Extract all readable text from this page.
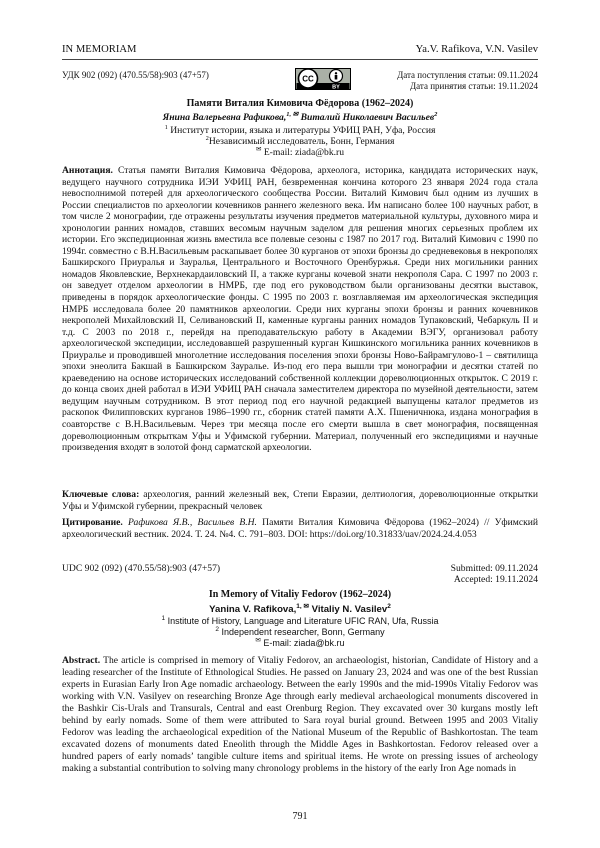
IN MEMORIAM	Ya.V. Rafikova, V.N. Vasilev
УДК 902 (092) (470.55/58):903 (47+57)	CC
BY
Дата поступления статьи: 09.11.2024
Дата принятия статьи: 19.11.2024
Памяти Виталия Кимовича Фёдорова (1962–2024)
Янина Валерьевна Рафикова,$^{1, ✉}$ Виталий Николаевич Васильев$^2$
$^1$ Институт истории, языка и литературы УФИЦ РАН, Уфа, Россия
$^2$Независимый исследователь, Бонн, Германия
✉ E-mail: ziada@bk.ru
Аннотация. Статья памяти Виталия Кимовича Фёдорова, археолога, историка, кандидата исторических наук, ведущего научного сотрудника ИЭИ УФИЦ РАН, безвременная кончина которого 23 января 2024 года стала невосполнимой потерей для археологического сообщества России. Виталий Кимович был одним из лучших в России специалистов по археологии кочевников раннего железного века. Им написано более 100 научных работ, в том числе 2 монографии, где отражены результаты изучения предметов материальной культуры, духовного мира и хронологии ранних номадов, ставших весомым научным заделом для решения многих серьезных проблем их истории. Его экспедиционная жизнь вместила все полевые сезоны с 1987 по 2017 год. Виталий Кимович с 1990 по 1994г. совместно с В.Н.Васильевым раскапывает более 30 курганов от эпохи бронзы до средневековья в некрополях Башкирского Приуралья и Зауралья, Центрального и Восточного Оренбуржья. Среди них могильники ранних номадов Яковлевские, Верхнекардаиловский II, а также курганы кочевой знати некрополя Сара. С 1997 по 2003 г. он заведует отделом археологии в НМРБ, где под его руководством были организованы десятки выставок, приведены в порядок археологические фонды. С 1995 по 2003 г. возглавляемая им археологическая экспедиция НМРБ исследовала более 20 памятников археологии. Среди них курганы эпохи бронзы и ранних кочевников некрополей Михайловский II, Селивановский II, каменные курганы ранних номадов Тупаковский, Чебаркуль II и т.д. С 2003 по 2018 г., перейдя на преподавательскую работу в Академии ВЭГУ, организовал работу археологической экспедиции, исследовавшей разрушенный курган Кишкинского могильника ранних кочевников в Приуралье и проводившей многолетние исследования поселения эпохи бронзы Ново-Байрамгулово-1 – святилища эпохи энеолита Бакшай в Башкирском Зауралье. Из-под его пера вышли три монографии и десятки статей по краеведению на основе исторических исследований собственной коллекции дореволюционных открыток. С 2019 г. до конца своих дней работал в ИЭИ УФИЦ РАН сначала заместителем директора по музейной деятельности, затем ведущим научным сотрудником. В этот период под его научной редакцией выпущены каталог предметов из раскопок Филипповских курганов 1986–1990 гг., сборник статей памяти А.Х. Пшеничнюка, издана монография в соавторстве с В.Н.Васильевым. Через три месяца после его смерти вышла в свет монография, посвященная дореволюционным открыткам Уфы и Уфимской губернии. Материал, полученный его экспедициями и научные произведения входят в золотой фонд сарматской археологии.
Ключевые слова: археология, ранний железный век, Степи Евразии, делтиология, дореволюционные открытки Уфы и Уфимской губернии, прекрасный человек
Цитирование. Рафикова Я.В., Васильев В.Н. Памяти Виталия Кимовича Фёдорова (1962–2024) // Уфимский археологический вестник. 2024. Т. 24. №4. С. 791–803. DOI: https://doi.org/10.31833/uav/2024.24.4.053
UDC 902 (092) (470.55/58):903 (47+57)	Submitted: 09.11.2024
Accepted: 19.11.2024
In Memory of Vitaliy Fedorov (1962–2024)
Yanina V. Rafikova,$^{1, ✉}$ Vitaliy N. Vasilev$^2$
$^1$ Institute of History, Language and Literature UFIC RAN, Ufa, Russia
$^2$ Independent researcher, Bonn, Germany
✉ E-mail: ziada@bk.ru
Abstract. The article is comprised in memory of Vitaliy Fedorov, an archaeologist, historian, Candidate of History and a leading researcher of the Institute of Ethnological Studies. He passed on January 23, 2024 and was one of the best Russian experts in Eurasian Early Iron Age nomadic archaeology. Between the early 1990s and the mid-1990s Vitaliy Fedorov was working with V.N. Vasilyev on researching Bronze Age through early medieval archaeological monuments discovered in the Bashkir Cis-Urals and Transurals, Central and east Orenburg Region. They excavated over 30 kurgans mostly left behind by early nomads. Some of them were attributed to Sara royal burial ground. Between 1995 and 2003 Vitaliy Fedorov was leading the archaeological expedition of the National Museum of the Republic of Bashkortostan. The team excavated dozens of monuments dated Eneolith through the Middle Ages in Bashkortostan. Fedorov released over a hundred papers of early nomads’ tangible culture items and spiritual items. He wrote on pressing issues of archeology making a substantial contribution to solving many chronology problems in the history of the early Iron Age nomads in
791
